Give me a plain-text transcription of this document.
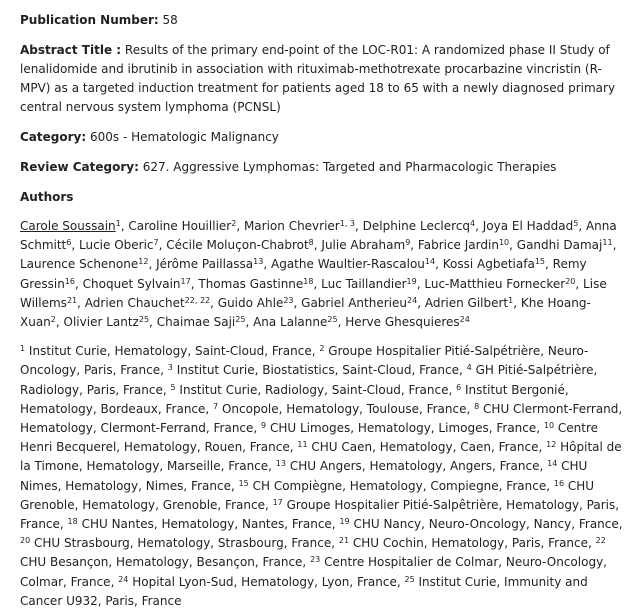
Publication Number: 58

Abstract Title : Results of the primary end-point of the LOC-R01: A randomized phase II Study of lenalidomide and ibrutinib in association with rituximab-methotrexate procarbazine vincristin (R-MPV) as a targeted induction treatment for patients aged 18 to 65 with a newly diagnosed primary central nervous system lymphoma (PCNSL)

Category: 600s - Hematologic Malignancy

Review Category: 627. Aggressive Lymphomas: Targeted and Pharmacologic Therapies

Authors

Carole Soussain$^1$, Caroline Houillier$^2$, Marion Chevrier$^{1, 3}$, Delphine Leclercq$^4$, Joya El Haddad$^5$, Anna Schmitt$^6$, Lucie Oberic$^7$, Cécile Moluçon-Chabrot$^8$, Julie Abraham$^9$, Fabrice Jardin$^{10}$, Gandhi Damaj$^{11}$, Laurence Schenone$^{12}$, Jérôme Paillassa$^{13}$, Agathe Waultier-Rascalou$^{14}$, Kossi Agbetiafa$^{15}$, Remy Gressin$^{16}$, Choquet Sylvain$^{17}$, Thomas Gastinne$^{18}$, Luc Taillandier$^{19}$, Luc-Matthieu Fornecker$^{20}$, Lise Willems$^{21}$, Adrien Chauchet$^{22, 22}$, Guido Ahle$^{23}$, Gabriel Antherieu$^{24}$, Adrien Gilbert$^1$, Khe Hoang-Xuan$^2$, Olivier Lantz$^{25}$, Chaimae Saji$^{25}$, Ana Lalanne$^{25}$, Herve Ghesquieres$^{24}$

$^1$ Institut Curie, Hematology, Saint-Cloud, France, $^2$ Groupe Hospitalier Pitié-Salpétrière, Neuro-Oncology, Paris, France, $^3$ Institut Curie, Biostatistics, Saint-Cloud, France, $^4$ GH Pitié-Salpétrière, Radiology, Paris, France, $^5$ Institut Curie, Radiology, Saint-Cloud, France, $^6$ Institut Bergonié, Hematology, Bordeaux, France, $^7$ Oncopole, Hematology, Toulouse, France, $^8$ CHU Clermont-Ferrand, Hematology, Clermont-Ferrand, France, $^9$ CHU Limoges, Hematology, Limoges, France, $^{10}$ Centre Henri Becquerel, Hematology, Rouen, France, $^{11}$ CHU Caen, Hematology, Caen, France, $^{12}$ Hôpital de la Timone, Hematology, Marseille, France, $^{13}$ CHU Angers, Hematology, Angers, France, $^{14}$ CHU Nimes, Hematology, Nimes, France, $^{15}$ CH Compiègne, Hematology, Compiegne, France, $^{16}$ CHU Grenoble, Hematology, Grenoble, France, $^{17}$ Groupe Hospitalier Pitié-Salpêtrière, Hematology, Paris, France, $^{18}$ CHU Nantes, Hematology, Nantes, France, $^{19}$ CHU Nancy, Neuro-Oncology, Nancy, France, $^{20}$ CHU Strasbourg, Hematology, Strasbourg, France, $^{21}$ CHU Cochin, Hematology, Paris, France, $^{22}$ CHU Besançon, Hematology, Besançon, France, $^{23}$ Centre Hospitalier de Colmar, Neuro-Oncology, Colmar, France, $^{24}$ Hopital Lyon-Sud, Hematology, Lyon, France, $^{25}$ Institut Curie, Immunity and Cancer U932, Paris, France
